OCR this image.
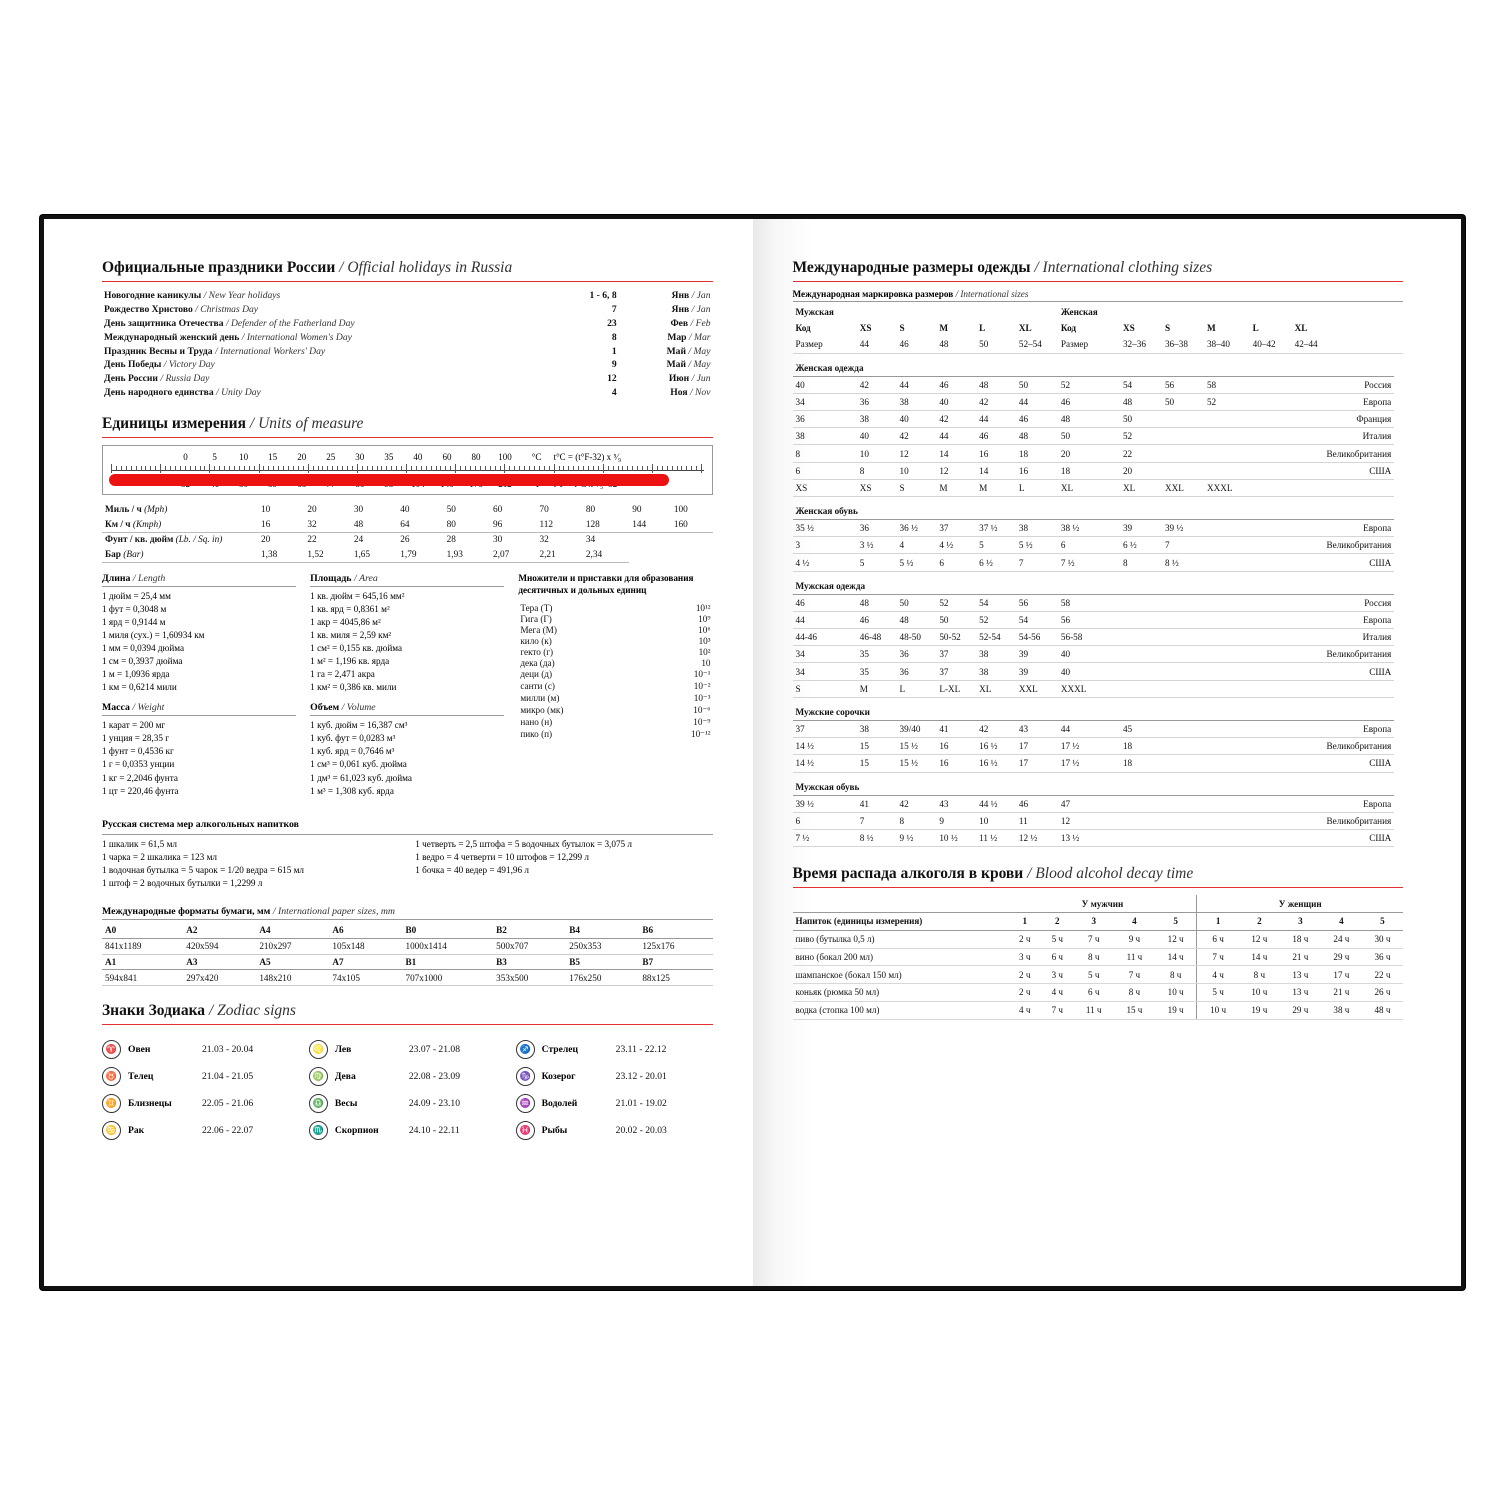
Официальные праздники России / Official holidays in Russia
Новогодние каникулы / New Year holidays	1 - 6, 8	Янв / Jan
Рождество Христово / Christmas Day	7	Янв / Jan
День защитника Отечества / Defender of the Fatherland Day	23	Фев / Feb
Международный женский день / International Women's Day	8	Мар / Mar
Праздник Весны и Труда / International Workers' Day	1	Май / May
День Победы / Victory Day	9	Май / May
День России / Russia Day	12	Июн / Jun
День народного единства / Unity Day	4	Ноя / Nov
Единицы измерения / Units of measure
0	5	10	15	20	25	30	35	40	60	80	100	°C	t°C = (t°F-32) x ⁵⁄₉
Миль / ч (Mph)	10	20	30	40	50	60	70	80	90	100
Км / ч (Kmph)	16	32	48	64	80	96	112	128	144	160
Фунт / кв. дюйм (Lb. / Sq. in)	20	22	24	26	28	30	32	34		
Бар (Bar)	1,38	1,52	1,65	1,79	1,93	2,07	2,21	2,34		
Длина / Length
1 дюйм = 25,4 мм
1 фут = 0,3048 м
1 ярд = 0,9144 м
1 миля (сух.) = 1,60934 км
1 мм = 0,0394 дюйма
1 см = 0,3937 дюйма
1 м = 1,0936 ярда
1 км = 0,6214 мили
Масса / Weight
1 карат = 200 мг
1 унция = 28,35 г
1 фунт = 0,4536 кг
1 г = 0,0353 унции
1 кг = 2,2046 фунта
1 цт = 220,46 фунта
Площадь / Area
1 кв. дюйм = 645,16 мм²
1 кв. ярд = 0,8361 м²
1 акр = 4045,86 м²
1 кв. миля = 2,59 км²
1 см² = 0,155 кв. дюйма
1 м² = 1,196 кв. ярда
1 га = 2,471 акра
1 км² = 0,386 кв. мили
Объем / Volume
1 куб. дюйм = 16,387 см³
1 куб. фут = 0,0283 м³
1 куб. ярд = 0,7646 м³
1 см³ = 0,061 куб. дюйма
1 дм³ = 61,023 куб. дюйма
1 м³ = 1,308 куб. ярда
Множители и приставки для образования десятичных и дольных единиц
Тера (Т)	10¹²
Гига (Г)	10⁹
Мега (М)	10⁶
кило (к)	10³
гекто (г)	10²
дека (да)	10
деци (д)	10⁻¹
санти (с)	10⁻²
милли (м)	10⁻³
микро (мк)	10⁻⁶
нано (н)	10⁻⁹
пико (п)	10⁻¹²
Русская система мер алкогольных напитков
1 шкалик = 61,5 мл
1 чарка = 2 шкалика = 123 мл
1 водочная бутылка = 5 чарок = 1/20 ведра = 615 мл
1 штоф = 2 водочных бутылки = 1,2299 л
1 четверть = 2,5 штофа = 5 водочных бутылок = 3,075 л
1 ведро = 4 четверти = 10 штофов = 12,299 л
1 бочка = 40 ведер = 491,96 л
Международные форматы бумаги, мм / International paper sizes, mm
A0	A2	A4	A6	B0	B2	B4	B6
841x1189	420x594	210x297	105x148	1000x1414	500x707	250x353	125x176
A1	A3	A5	A7	B1	B3	B5	B7
594x841	297x420	148x210	74x105	707x1000	353x500	176x250	88x125
Знаки Зодиака / Zodiac signs
♈	Овен	21.03 - 20.04
♉	Телец	21.04 - 21.05
♊	Близнецы	22.05 - 21.06
♋	Рак	22.06 - 22.07
♌	Лев	23.07 - 21.08
♍	Дева	22.08 - 23.09
♎	Весы	24.09 - 23.10
♏	Скорпион	24.10 - 22.11
♐	Стрелец	23.11 - 22.12
♑	Козерог	23.12 - 20.01
♒	Водолей	21.01 - 19.02
♓	Рыбы	20.02 - 20.03
Международные размеры одежды / International clothing sizes
Международная маркировка размеров / International sizes
Мужская						Женская						
Код	XS	S	M	L	XL	Код	XS	S	M	L	XL	
Размер	44	46	48	50	52–54	Размер	32–36	36–38	38–40	40–42	42–44	
Женская одежда												
40	42	44	46	48	50	52	54	56	58		Россия	
34	36	38	40	42	44	46	48	50	52		Европа	
36	38	40	42	44	46	48	50				Франция	
38	40	42	44	46	48	50	52				Италия	
8	10	12	14	16	18	20	22				Великобритания	
6	8	10	12	14	16	18	20				США	
XS	XS	S	M	M	L	XL	XL	XXL	XXXL			
Женская обувь												
35 ½	36	36 ½	37	37 ½	38	38 ½	39	39 ½			Европа	
3	3 ½	4	4 ½	5	5 ½	6	6 ½	7			Великобритания	
4 ½	5	5 ½	6	6 ½	7	7 ½	8	8 ½			США	
Мужская одежда												
46	48	50	52	54	56	58					Россия	
44	46	48	50	52	54	56					Европа	
44-46	46-48	48-50	50-52	52-54	54-56	56-58					Италия	
34	35	36	37	38	39	40					Великобритания	
34	35	36	37	38	39	40					США	
S	M	L	L-XL	XL	XXL	XXXL						
Мужские сорочки												
37	38	39/40	41	42	43	44	45				Европа	
14 ½	15	15 ½	16	16 ½	17	17 ½	18				Великобритания	
14 ½	15	15 ½	16	16 ½	17	17 ½	18				США	
Мужская обувь												
39 ½	41	42	43	44 ½	46	47					Европа	
6	7	8	9	10	11	12					Великобритания	
7 ½	8 ½	9 ½	10 ½	11 ½	12 ½	13 ½					США	
Время распада алкоголя в крови / Blood alcohol decay time
	У мужчин					У женщин				
Напиток (единицы измерения)	1	2	3	4	5	1	2	3	4	5
пиво (бутылка 0,5 л)	2 ч	5 ч	7 ч	9 ч	12 ч	6 ч	12 ч	18 ч	24 ч	30 ч
вино (бокал 200 мл)	3 ч	6 ч	8 ч	11 ч	14 ч	7 ч	14 ч	21 ч	29 ч	36 ч
шампанское (бокал 150 мл)	2 ч	3 ч	5 ч	7 ч	8 ч	4 ч	8 ч	13 ч	17 ч	22 ч
коньяк (рюмка 50 мл)	2 ч	4 ч	6 ч	8 ч	10 ч	5 ч	10 ч	13 ч	21 ч	26 ч
водка (стопка 100 мл)	4 ч	7 ч	11 ч	15 ч	19 ч	10 ч	19 ч	29 ч	38 ч	48 ч
